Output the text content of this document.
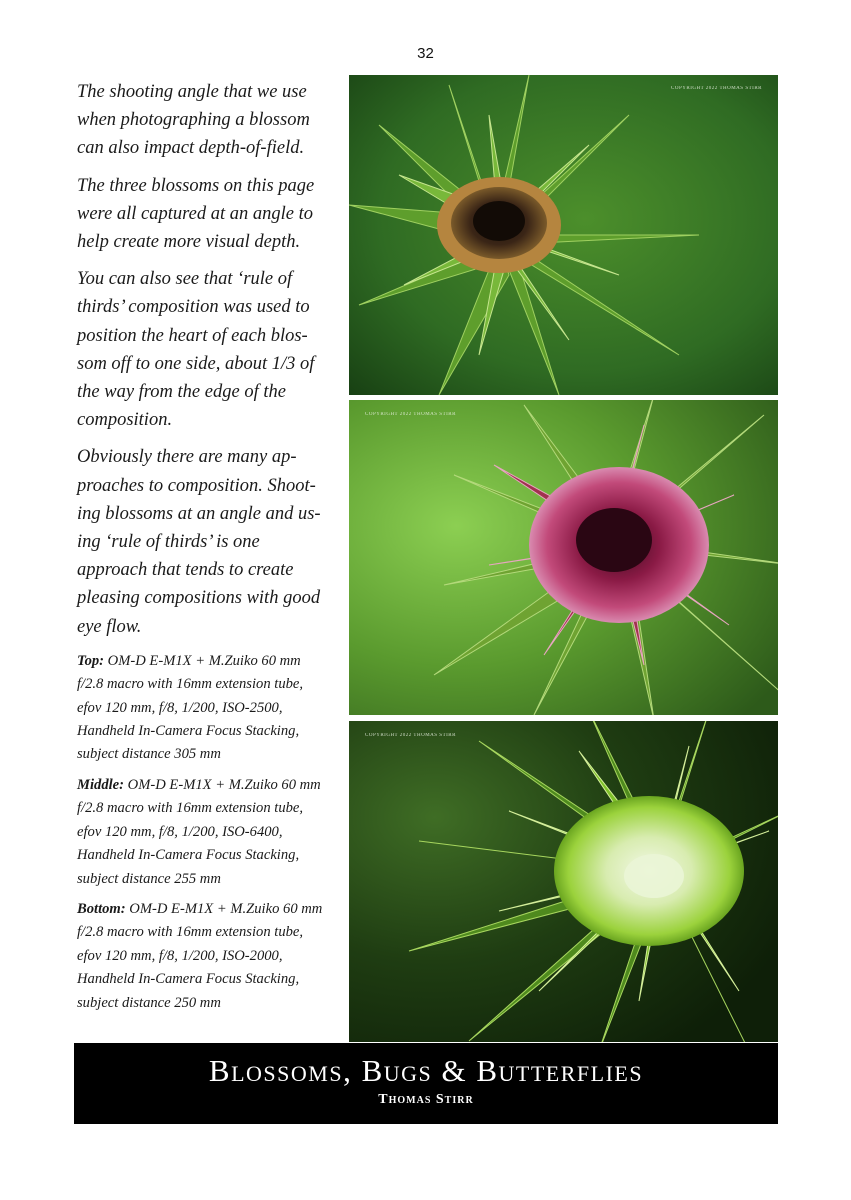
32

The shooting angle that we use when photographing a blossom can also impact depth-of-field.

The three blossoms on this page were all captured at an angle to help create more visual depth.

You can also see that ‘rule of thirds’ composition was used to position the heart of each blos-som off to one side, about 1/3 of the way from the edge of the composition.

Obviously there are many ap-proaches to composition. Shoot-ing blossoms at an angle and us-ing ‘rule of thirds’ is one approach that tends to create pleasing compositions with good eye flow.

Top: OM-D E-M1X + M.Zuiko 60 mm f/2.8 macro with 16mm extension tube, efov 120 mm, f/8, 1/200, ISO-2500, Handheld In-Camera Focus Stacking, subject distance 305 mm

Middle: OM-D E-M1X + M.Zuiko 60 mm f/2.8 macro with 16mm extension tube, efov 120 mm, f/8, 1/200, ISO-6400, Handheld In-Camera Focus Stacking, subject distance 255 mm

Bottom: OM-D E-M1X + M.Zuiko 60 mm f/2.8 macro with 16mm extension tube, efov 120 mm, f/8, 1/200, ISO-2000, Handheld In-Camera Focus Stacking, subject distance 250 mm

COPYRIGHT 2022 THOMAS STIRR
COPYRIGHT 2022 THOMAS STIRR
COPYRIGHT 2022 THOMAS STIRR
Blossoms, Bugs & Butterflies
Thomas Stirr
